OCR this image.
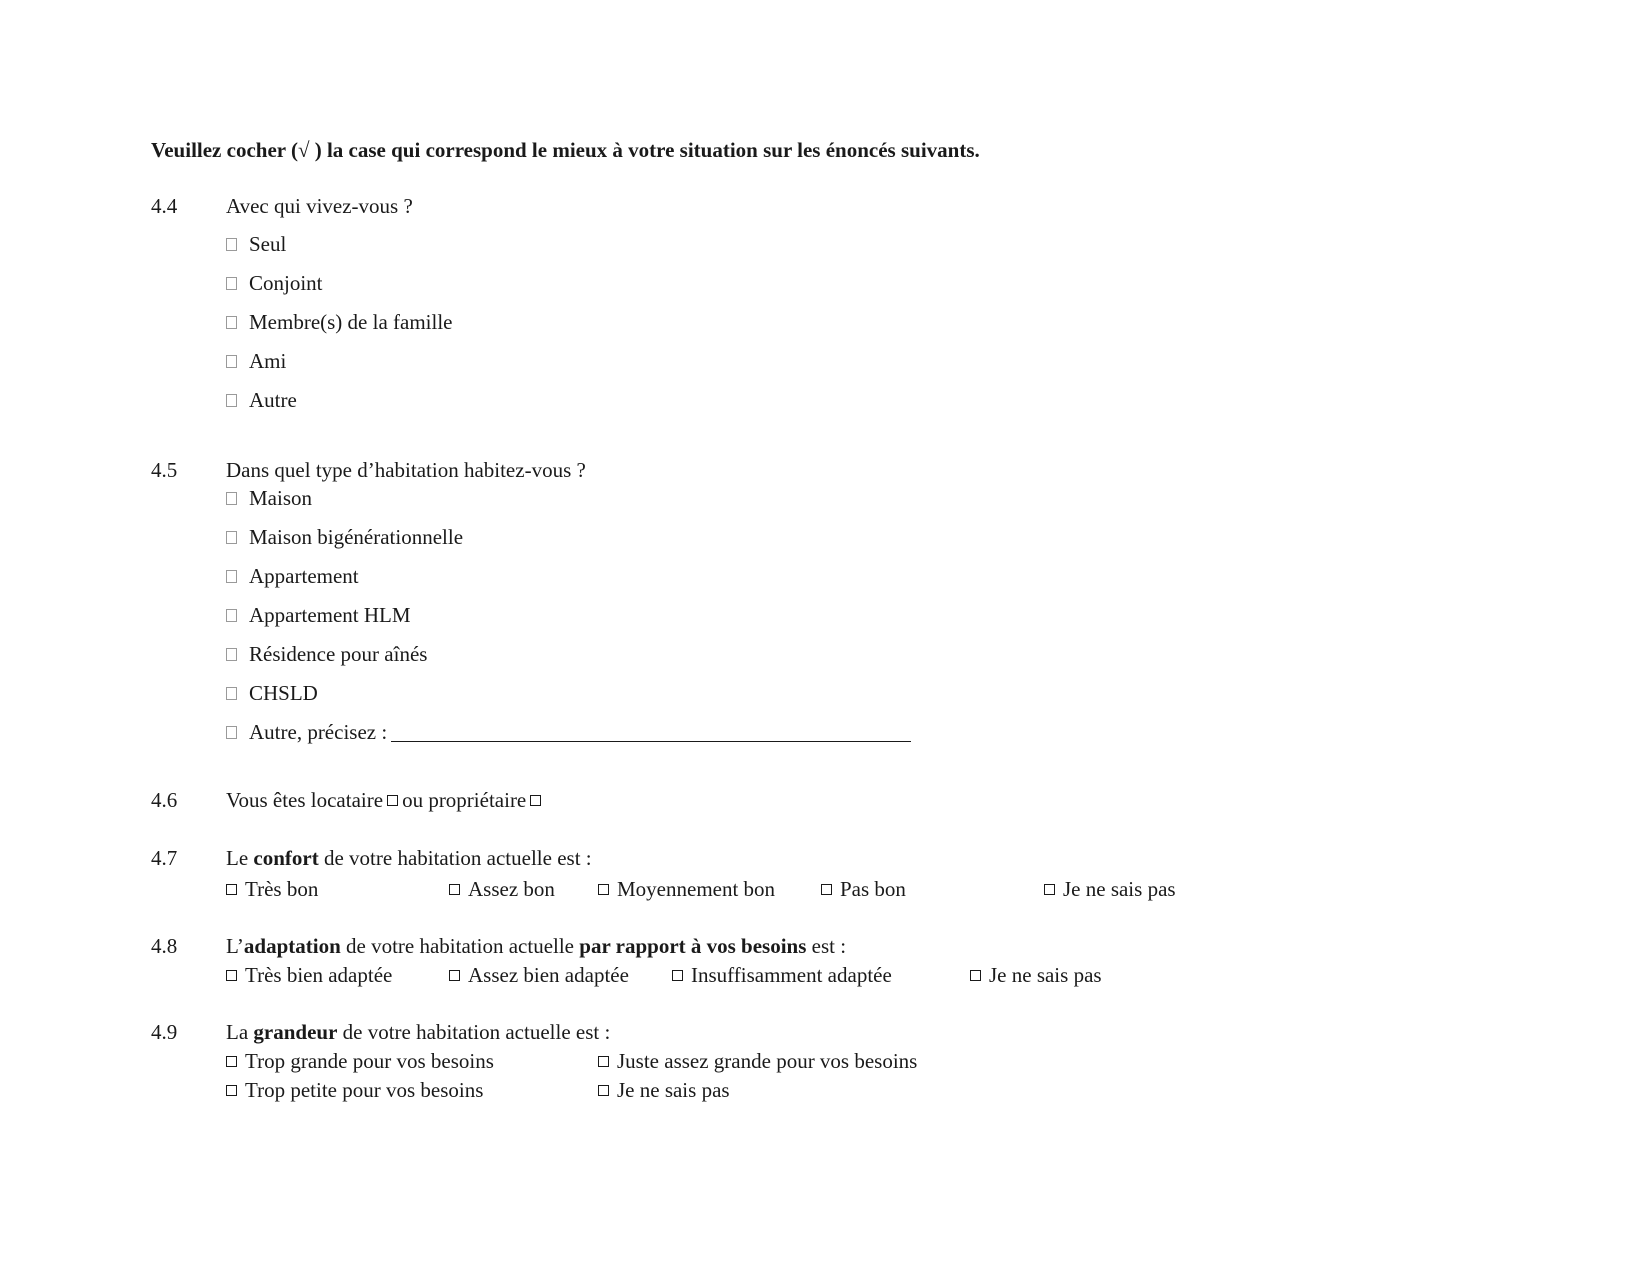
Veuillez cocher (√ ) la case qui correspond le mieux à votre situation sur les énoncés suivants.
4.4 Avec qui vivez-vous ?
Seul
Conjoint
Membre(s) de la famille
Ami
Autre
4.5 Dans quel type d’habitation habitez-vous ?
Maison
Maison bigénérationnelle
Appartement
Appartement HLM
Résidence pour aînés
CHSLD
Autre, précisez :
4.6 Vous êtes locataire ou propriétaire
4.7 Le confort de votre habitation actuelle est :
Très bon	Assez bon	Moyennement bon	Pas bon	Je ne sais pas
4.8 L’adaptation de votre habitation actuelle par rapport à vos besoins est :
Très bien adaptée	Assez bien adaptée	Insuffisamment adaptée	Je ne sais pas
4.9 La grandeur de votre habitation actuelle est :
Trop grande pour vos besoins	Juste assez grande pour vos besoins
Trop petite pour vos besoins	Je ne sais pas
